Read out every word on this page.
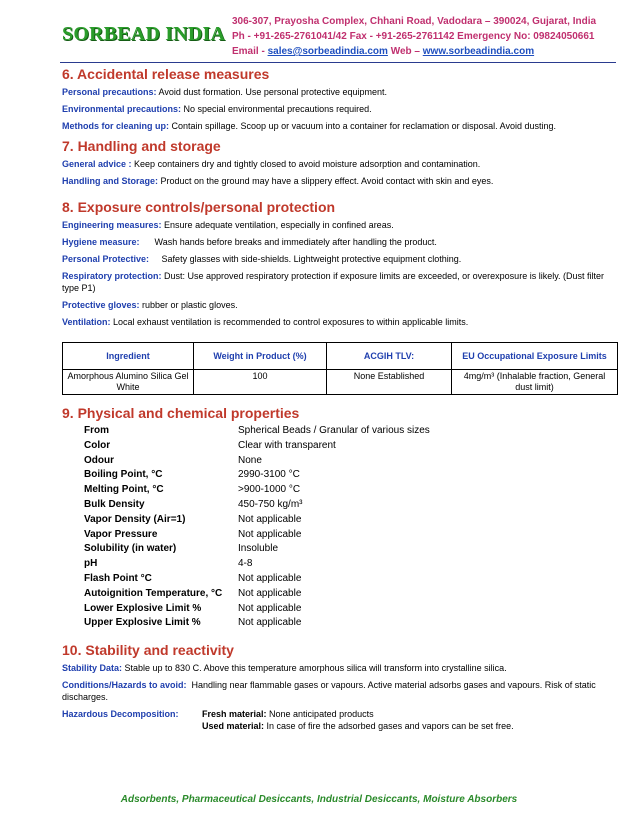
SORBEAD INDIA
306-307, Prayosha Complex, Chhani Road, Vadodara – 390024, Gujarat, India
Ph - +91-265-2761041/42 Fax - +91-265-2761142 Emergency No: 09824050661
Email - sales@sorbeadindia.com Web – www.sorbeadindia.com
6. Accidental release measures

Personal precautions: Avoid dust formation. Use personal protective equipment.

Environmental precautions: No special environmental precautions required.

Methods for cleaning up: Contain spillage. Scoop up or vacuum into a container for reclamation or disposal. Avoid dusting.

7. Handling and storage

General advice : Keep containers dry and tightly closed to avoid moisture adsorption and contamination.

Handling and Storage: Product on the ground may have a slippery effect. Avoid contact with skin and eyes.

8. Exposure controls/personal protection

Engineering measures: Ensure adequate ventilation, especially in confined areas.

Hygiene measure:      Wash hands before breaks and immediately after handling the product.

Personal Protective:     Safety glasses with side-shields. Lightweight protective equipment clothing.

Respiratory protection: Dust: Use approved respiratory protection if exposure limits are exceeded, or overexposure is likely. (Dust filter type P1)

Protective gloves: rubber or plastic gloves.

Ventilation: Local exhaust ventilation is recommended to control exposures to within applicable limits.

Ingredient	Weight in Product (%)	ACGIH TLV:	EU Occupational Exposure Limits
Amorphous Alumino Silica Gel White	100	None Established	4mg/m³ (Inhalable fraction, General dust limit)
9. Physical and chemical properties
From	Spherical Beads / Granular of various sizes
Color	Clear with transparent
Odour	None
Boiling Point, °C	2990-3100 °C
Melting Point, °C	>900-1000 °C
Bulk Density	450-750 kg/m³
Vapor Density (Air=1)	Not applicable
Vapor Pressure	Not applicable
Solubility (in water)	Insoluble
pH	4-8
Flash Point °C	Not applicable
Autoignition Temperature, °C	Not applicable
Lower Explosive Limit %	Not applicable
Upper Explosive Limit %	Not applicable
10. Stability and reactivity

Stability Data: Stable up to 830 C. Above this temperature amorphous silica will transform into crystalline silica.

Conditions/Hazards to avoid:  Handling near flammable gases or vapours. Active material adsorbs gases and vapours. Risk of static discharges.

Hazardous Decomposition:	Fresh material: None anticipated products
Used material: In case of fire the adsorbed gases and vapors can be set free.
Adsorbents, Pharmaceutical Desiccants, Industrial Desiccants, Moisture Absorbers
